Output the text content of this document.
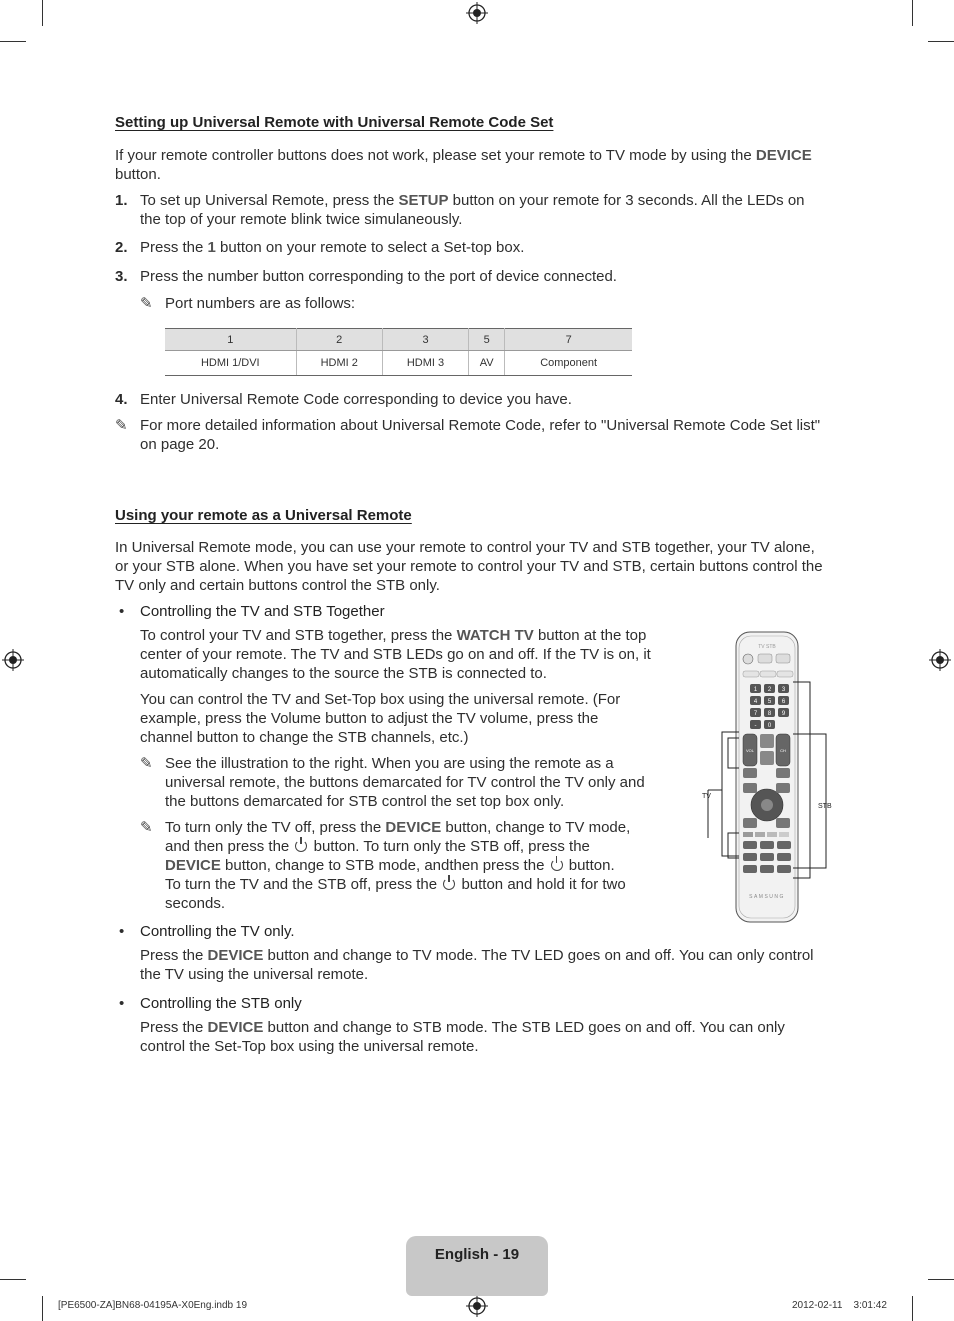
Setting up Universal Remote with Universal Remote Code Set
If your remote controller buttons does not work, please set your remote to TV mode by using the DEVICE
button.
1. To set up Universal Remote, press the SETUP button on your remote for 3 seconds. All the LEDs on
the top of your remote blink twice simulaneously.
2. Press the 1 button on your remote to select a Set-top box.
3. Press the number button corresponding to the port of device connected.
✎ Port numbers are as follows:
1	2	3	5	7
HDMI 1/DVI	HDMI 2	HDMI 3	AV	Component
4. Enter Universal Remote Code corresponding to device you have.
✎ For more detailed information about Universal Remote Code, refer to "Universal Remote Code Set list"
on page 20.
Using your remote as a Universal Remote
In Universal Remote mode, you can use your remote to control your TV and STB together, your TV alone,
or your STB alone. When you have set your remote to control your TV and STB, certain buttons control the
TV only and certain buttons control the STB only.
• Controlling the TV and STB Together
To control your TV and STB together, press the WATCH TV button at the top
center of your remote. The TV and STB LEDs go on and off. If the TV is on, it
automatically changes to the source the STB is connected to.
You can control the TV and Set-Top box using the universal remote. (For
example, press the Volume button to adjust the TV volume, press the
channel button to change the STB channels, etc.)
✎ See the illustration to the right. When you are using the remote as a
universal remote, the buttons demarcated for TV control the TV only and
the buttons demarcated for STB control the set top box only.
✎ To turn only the TV off, press the DEVICE button, change to TV mode,
and then press the  button. To turn only the STB off, press the
DEVICE button, change to STB mode, andthen press the  button.
To turn the TV and the STB off, press the  button and hold it for two
seconds.
TV STB
1 2 3
4 5 6
7 8 9
- 0
VOL	CH
SAMSUNG
TV
STB
• Controlling the TV only.
Press the DEVICE button and change to TV mode. The TV LED goes on and off. You can only control
the TV using the universal remote.
• Controlling the STB only
Press the DEVICE button and change to STB mode. The STB LED goes on and off. You can only
control the Set-Top box using the universal remote.
English - 19
[PE6500-ZA]BN68-04195A-X0Eng.indb 19	2012-02-11    3:01:42
